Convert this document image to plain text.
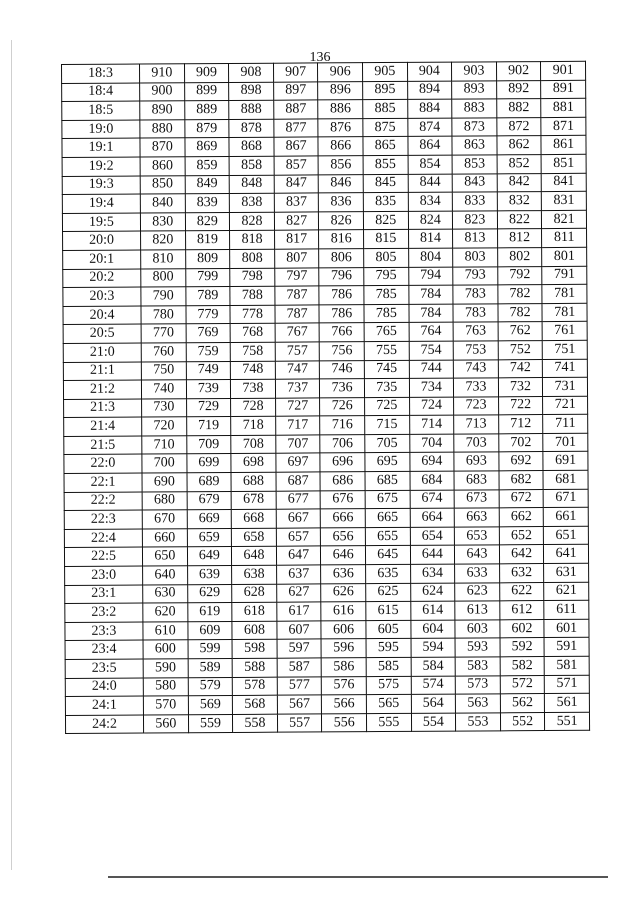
136
18:3	910	909	908	907	906	905	904	903	902	901
18:4	900	899	898	897	896	895	894	893	892	891
18:5	890	889	888	887	886	885	884	883	882	881
19:0	880	879	878	877	876	875	874	873	872	871
19:1	870	869	868	867	866	865	864	863	862	861
19:2	860	859	858	857	856	855	854	853	852	851
19:3	850	849	848	847	846	845	844	843	842	841
19:4	840	839	838	837	836	835	834	833	832	831
19:5	830	829	828	827	826	825	824	823	822	821
20:0	820	819	818	817	816	815	814	813	812	811
20:1	810	809	808	807	806	805	804	803	802	801
20:2	800	799	798	797	796	795	794	793	792	791
20:3	790	789	788	787	786	785	784	783	782	781
20:4	780	779	778	787	786	785	784	783	782	781
20:5	770	769	768	767	766	765	764	763	762	761
21:0	760	759	758	757	756	755	754	753	752	751
21:1	750	749	748	747	746	745	744	743	742	741
21:2	740	739	738	737	736	735	734	733	732	731
21:3	730	729	728	727	726	725	724	723	722	721
21:4	720	719	718	717	716	715	714	713	712	711
21:5	710	709	708	707	706	705	704	703	702	701
22:0	700	699	698	697	696	695	694	693	692	691
22:1	690	689	688	687	686	685	684	683	682	681
22:2	680	679	678	677	676	675	674	673	672	671
22:3	670	669	668	667	666	665	664	663	662	661
22:4	660	659	658	657	656	655	654	653	652	651
22:5	650	649	648	647	646	645	644	643	642	641
23:0	640	639	638	637	636	635	634	633	632	631
23:1	630	629	628	627	626	625	624	623	622	621
23:2	620	619	618	617	616	615	614	613	612	611
23:3	610	609	608	607	606	605	604	603	602	601
23:4	600	599	598	597	596	595	594	593	592	591
23:5	590	589	588	587	586	585	584	583	582	581
24:0	580	579	578	577	576	575	574	573	572	571
24:1	570	569	568	567	566	565	564	563	562	561
24:2	560	559	558	557	556	555	554	553	552	551
